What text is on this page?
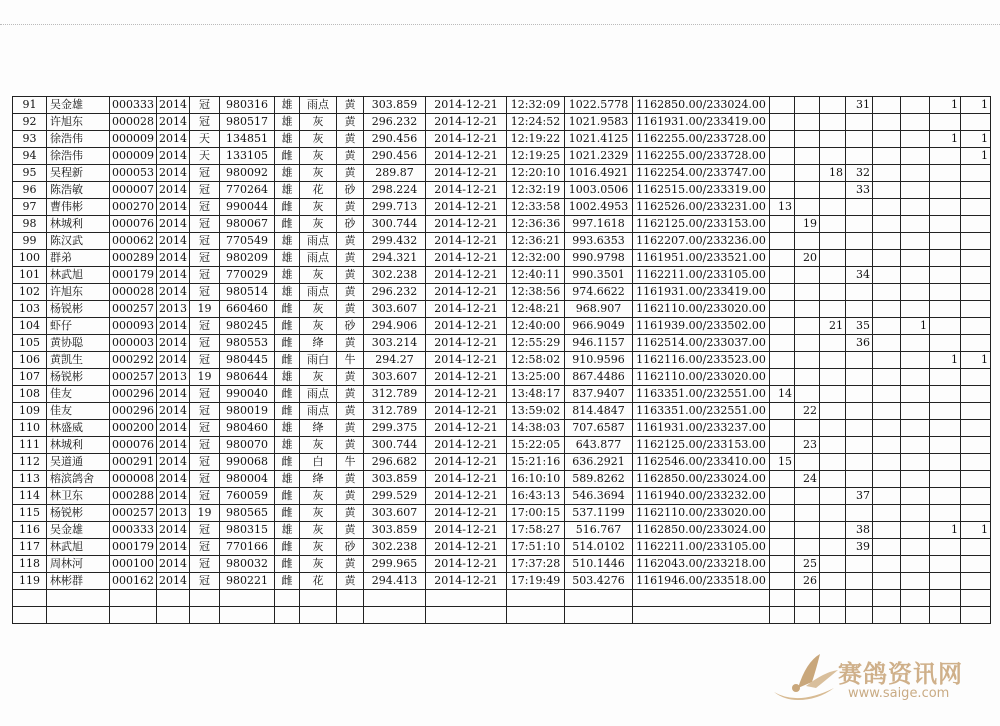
91	吴金雄	000333	2014	冠	980316	雄	雨点	黄	303.859	2014-12-21	12:32:09	1022.5778	1162850.00/233024.00				31			1	1
92	许旭东	000028	2014	冠	980517	雄	灰	黄	296.232	2014-12-21	12:24:52	1021.9583	1161931.00/233419.00								
93	徐浩伟	000009	2014	天	134851	雄	灰	黄	290.456	2014-12-21	12:19:22	1021.4125	1162255.00/233728.00							1	1
94	徐浩伟	000009	2014	天	133105	雌	灰	黄	290.456	2014-12-21	12:19:25	1021.2329	1162255.00/233728.00								1
95	吴程新	000053	2014	冠	980092	雄	灰	黄	289.87	2014-12-21	12:20:10	1016.4921	1162254.00/233747.00			18	32				
96	陈浩敏	000007	2014	冠	770264	雄	花	砂	298.224	2014-12-21	12:32:19	1003.0506	1162515.00/233319.00				33				
97	曹伟彬	000270	2014	冠	990044	雌	灰	黄	299.713	2014-12-21	12:33:58	1002.4953	1162526.00/233231.00	13							
98	林城利	000076	2014	冠	980067	雌	灰	砂	300.744	2014-12-21	12:36:36	997.1618	1162125.00/233153.00		19						
99	陈汉武	000062	2014	冠	770549	雄	雨点	黄	299.432	2014-12-21	12:36:21	993.6353	1162207.00/233236.00								
100	群弟	000289	2014	冠	980209	雄	雨点	黄	294.321	2014-12-21	12:32:00	990.9798	1161951.00/233521.00		20						
101	林武旭	000179	2014	冠	770029	雄	灰	黄	302.238	2014-12-21	12:40:11	990.3501	1162211.00/233105.00				34				
102	许旭东	000028	2014	冠	980514	雄	雨点	黄	296.232	2014-12-21	12:38:56	974.6622	1161931.00/233419.00								
103	杨锐彬	000257	2013	19	660460	雌	灰	黄	303.607	2014-12-21	12:48:21	968.907	1162110.00/233020.00								
104	虾仔	000093	2014	冠	980245	雌	灰	砂	294.906	2014-12-21	12:40:00	966.9049	1161939.00/233502.00			21	35		1		
105	黄协聪	000003	2014	冠	980553	雌	绛	黄	303.214	2014-12-21	12:55:29	946.1157	1162514.00/233037.00				36				
106	黄凯生	000292	2014	冠	980445	雌	雨白	牛	294.27	2014-12-21	12:58:02	910.9596	1162116.00/233523.00							1	1
107	杨锐彬	000257	2013	19	980644	雄	灰	黄	303.607	2014-12-21	13:25:00	867.4486	1162110.00/233020.00								
108	佳友	000296	2014	冠	990040	雌	雨点	黄	312.789	2014-12-21	13:48:17	837.9407	1163351.00/232551.00	14							
109	佳友	000296	2014	冠	980019	雌	雨点	黄	312.789	2014-12-21	13:59:02	814.4847	1163351.00/232551.00		22						
110	林盛威	000200	2014	冠	980460	雄	绛	黄	299.375	2014-12-21	14:38:03	707.6587	1161931.00/233237.00								
111	林城利	000076	2014	冠	980070	雄	灰	黄	300.744	2014-12-21	15:22:05	643.877	1162125.00/233153.00		23						
112	吴道通	000291	2014	冠	990068	雌	白	牛	296.682	2014-12-21	15:21:16	636.2921	1162546.00/233410.00	15							
113	榕滨鸽舍	000008	2014	冠	980004	雄	绛	黄	303.859	2014-12-21	16:10:10	589.8262	1162850.00/233024.00		24						
114	林卫东	000288	2014	冠	760059	雌	灰	黄	299.529	2014-12-21	16:43:13	546.3694	1161940.00/233232.00				37				
115	杨锐彬	000257	2013	19	980565	雌	灰	黄	303.607	2014-12-21	17:00:15	537.1199	1162110.00/233020.00								
116	吴金雄	000333	2014	冠	980315	雄	灰	黄	303.859	2014-12-21	17:58:27	516.767	1162850.00/233024.00				38			1	1
117	林武旭	000179	2014	冠	770166	雌	灰	砂	302.238	2014-12-21	17:51:10	514.0102	1162211.00/233105.00				39				
118	周林河	000100	2014	冠	980032	雌	灰	黄	299.965	2014-12-21	17:37:28	510.1446	1162043.00/233218.00		25						
119	林彬群	000162	2014	冠	980221	雌	花	黄	294.413	2014-12-21	17:19:49	503.4276	1161946.00/233518.00		26						

赛鸽资讯网
www.saige.com
